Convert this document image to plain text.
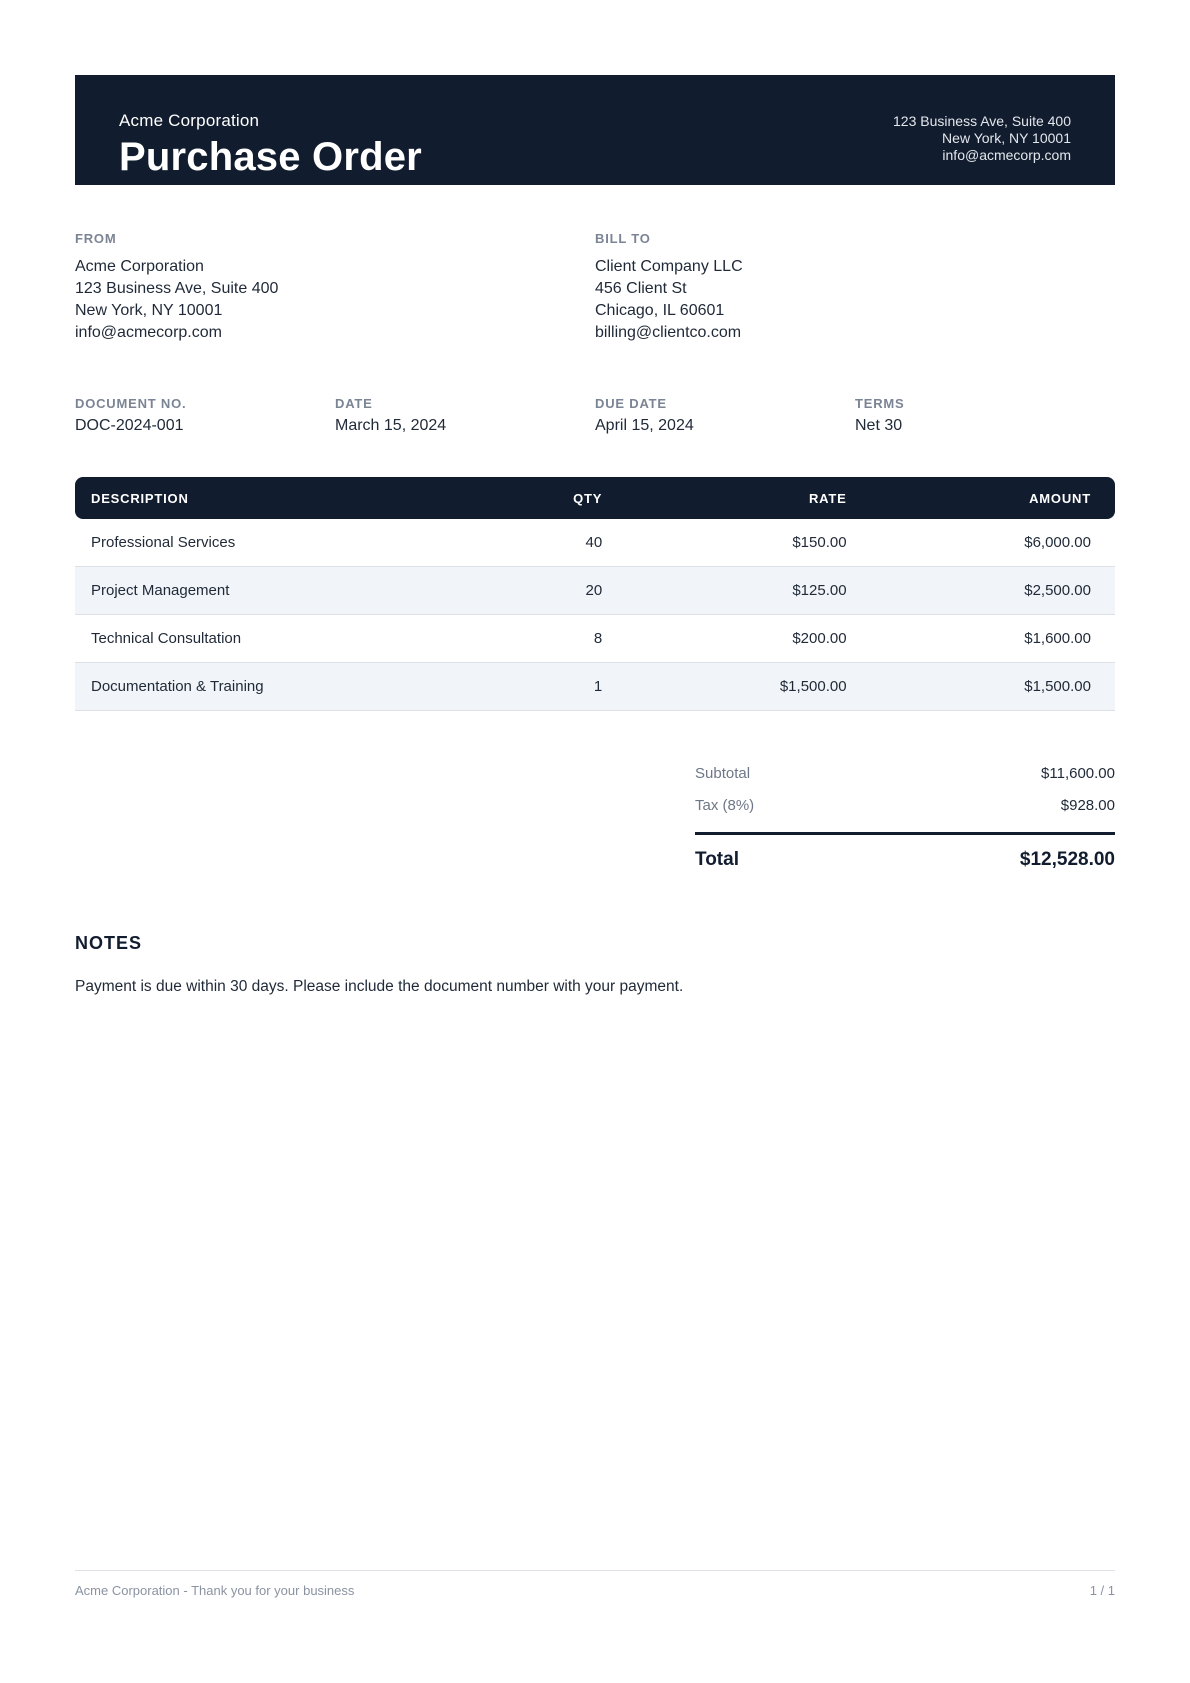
Acme Corporation
Purchase Order
123 Business Ave, Suite 400
New York, NY 10001
info@acmecorp.com
FROM
Acme Corporation
123 Business Ave, Suite 400
New York, NY 10001
info@acmecorp.com
BILL TO
Client Company LLC
456 Client St
Chicago, IL 60601
billing@clientco.com
DOCUMENT NO.
DOC-2024-001
DATE
March 15, 2024
DUE DATE
April 15, 2024
TERMS
Net 30
DESCRIPTION	QTY	RATE	AMOUNT
Professional Services	40	$150.00	$6,000.00
Project Management	20	$125.00	$2,500.00
Technical Consultation	8	$200.00	$1,600.00
Documentation & Training	1	$1,500.00	$1,500.00
Subtotal	$11,600.00
Tax (8%)	$928.00
Total	$12,528.00
NOTES
Payment is due within 30 days. Please include the document number with your payment.
Acme Corporation - Thank you for your business	1 / 1
